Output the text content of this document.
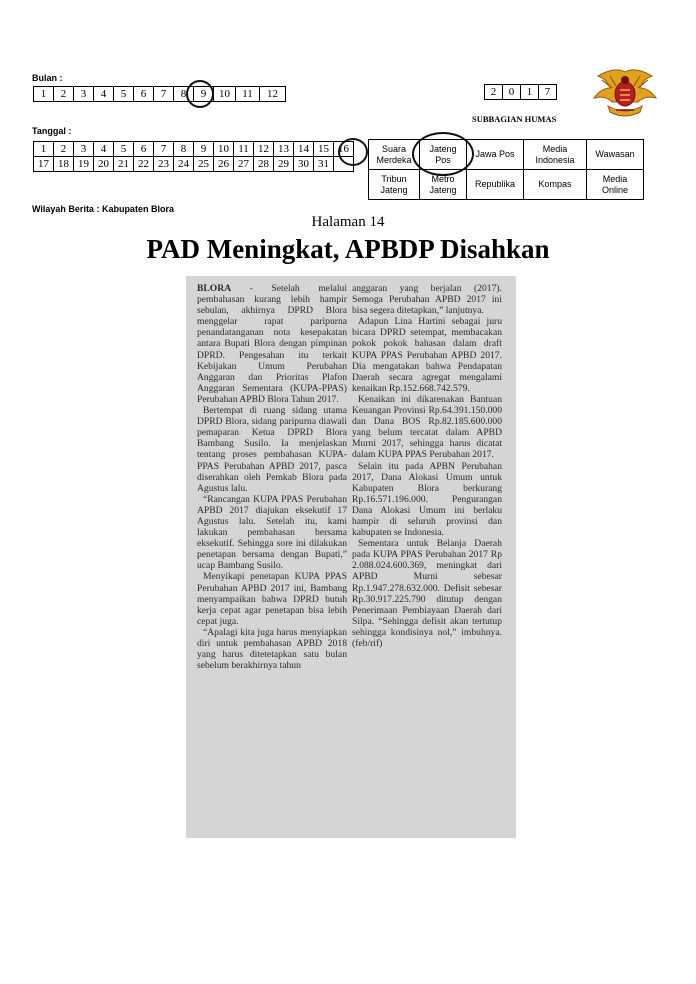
Bulan :
1	2	3	4	5	6	7	8	9	10	11	12	2	0	1	7
SUBBAGIAN HUMAS
Tanggal :
1	2	3	4	5	6	7	8	9	10	11	12	13	14	15	16
17	18	19	20	21	22	23	24	25	26	27	28	29	30	31	
Suara Merdeka	Jateng Pos	Jawa Pos	Media Indonesia	Wawasan
Tribun Jateng	Metro Jateng	Republika	Kompas	Media Online
Wilayah Berita : Kabupaten Blora
Halaman 14
PAD Meningkat, APBDP Disahkan

BLORA - Setelah melalui pembahasan kurang lebih hampir sebulan, akhirnya DPRD Blora menggelar rapat paripurna penandatanganan nota kesepakatan antara Bupati Blora dengan pimpinan DPRD. Pengesahan itu terkait Kebijakan Umum Perubahan Anggaran dan Prioritas Plafon Anggaran Sementara (KUPA-PPAS) Perubahan APBD Blora Tahun 2017.

Bertempat di ruang sidang utama DPRD Blora, sidang paripurna diawali pemaparan Ketua DPRD Blora Bambang Susilo. Ia menjelaskan tentang proses pembahasan KUPA-PPAS Perubahan APBD 2017, pasca diserahkan oleh Pemkab Blora pada Agustus lalu.

“Rancangan KUPA PPAS Perubahan APBD 2017 diajukan eksekutif 17 Agustus lalu. Setelah itu, kami lakukan pembahasan bersama eksekutif. Sehingga sore ini dilakukan penetapan bersama dengan Bupati,” ucap Bambang Susilo.

Menyikapi penetapan KUPA PPAS Perubahan APBD 2017 ini, Bambang menyampaikan bahwa DPRD butuh kerja cepat agar penetapan bisa lebih cepat juga.

“Apalagi kita juga harus menyiapkan diri untuk pembahasan APBD 2018 yang harus ditetetapkan satu bulan sebelum berakhirnya tahun

anggaran yang berjalan (2017). Semoga Perubahan APBD 2017 ini bisa segera ditetapkan,” lanjutnya.

Adapun Lina Hartini sebagai juru bicara DPRD setempat, membacakan pokok pokok bahasan dalam draft KUPA PPAS Perubahan APBD 2017. Dia mengatakan bahwa Pendapatan Daerah secara agregat mengalami kenaikan Rp.152.668.742.579.

Kenaikan ini dikarenakan Bantuan Keuangan Provinsi Rp.64.391.150.000 dan Dana BOS Rp.82.185.600.000 yang belum tercatat dalam APBD Murni 2017, sehingga harus dicatat dalam KUPA PPAS Perubahan 2017.

Selain itu pada APBN Perubahan 2017, Dana Alokasi Umum untuk Kabupaten Blora berkurang Rp.16.571.196.000. Pengurangan Dana Alokasi Umum ini berlaku hampir di seluruh provinsi dan kabupaten se Indonesia.

Sementara untuk Belanja Daerah pada KUPA PPAS Perubahan 2017 Rp 2.088.024.600.369, meningkat dari APBD Murni sebesar Rp.1.947.278.632.000. Defisit sebesar Rp.30.917.225.790 ditutup dengan Penerimaan Pembiayaan Daerah dari Silpa. “Sehingga defisit akan tertutup sehingga kondisinya nol,” imbuhnya. (feb/rif)
